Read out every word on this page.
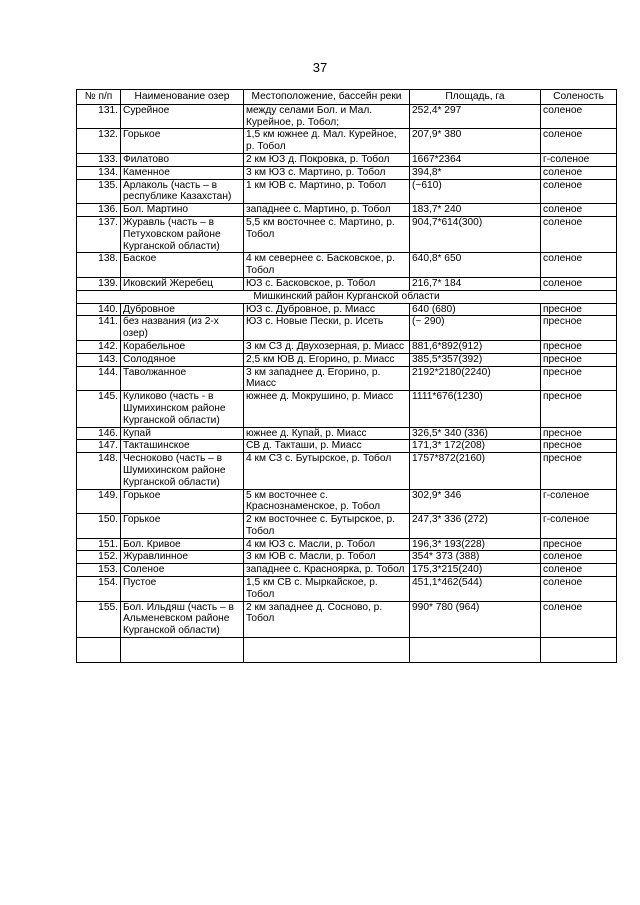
37
№ п/п	Наименование озер	Местоположение, бассейн реки	Площадь, га	Соленость
131.	Сурейное	между селами Бол. и Мал. Курейное, р. Тобол;	252,4* 297	соленое
132.	Горькое	1,5 км южнее д. Мал. Курейное, р. Тобол	207,9* 380	соленое
133.	Филатово	2 км ЮЗ д. Покровка, р. Тобол	1667*2364	г-соленое
134.	Каменное	3 км ЮЗ с. Мартино, р. Тобол	394,8*	соленое
135.	Арлаколь (часть – в республике Казахстан)	1 км ЮВ с. Мартино, р. Тобол	(~610)	соленое
136.	Бол. Мартино	западнее с. Мартино, р. Тобол	183,7* 240	соленое
137.	Журавль (часть – в Петуховском районе Курганской области)	5,5 км восточнее с. Мартино, р. Тобол	904,7*614(300)	соленое
138.	Баское	4 км севернее с. Басковское, р. Тобол	640,8* 650	соленое
139.	Иковский Жеребец	ЮЗ с. Басковское, р. Тобол	216,7* 184	соленое
Мишкинский район Курганской области				
140.	Дубровное	ЮЗ с. Дубровное, р. Миасс	640 (680)	пресное
141.	без названия (из 2-х озер)	ЮЗ с. Новые Пески, р. Исеть	(~ 290)	пресное
142.	Корабельное	3 км СЗ д. Двухозерная, р. Миасс	881,6*892(912)	пресное
143.	Солодяное	2,5 км ЮВ д. Егорино, р. Миасс	385,5*357(392)	пресное
144.	Таволжанное	3 км западнее д. Егорино, р. Миасс	2192*2180(2240)	пресное
145.	Куликово (часть - в Шумихинском районе Курганской области)	южнее д. Мокрушино, р. Миасс	1111*676(1230)	пресное
146.	Купай	южнее д. Купай, р. Миасс	326,5* 340 (336)	пресное
147.	Такташинское	СВ д. Такташи, р. Миасс	171,3* 172(208)	пресное
148.	Чесноково (часть – в Шумихинском районе Курганской области)	4 км СЗ с. Бутырское, р. Тобол	1757*872(2160)	пресное
149.	Горькое	5 км восточнее с. Краснознаменское, р. Тобол	302,9* 346	г-соленое
150.	Горькое	2 км восточнее с. Бутырское, р. Тобол	247,3* 336 (272)	г-соленое
151.	Бол. Кривое	4 км ЮЗ с. Масли, р. Тобол	196,3* 193(228)	пресное
152.	Журавлинное	3 км ЮВ с. Масли, р. Тобол	354* 373 (388)	соленое
153.	Соленое	западнее с. Красноярка, р. Тобол	175,3*215(240)	соленое
154.	Пустое	1,5 км СВ с. Мыркайское, р. Тобол	451,1*462(544)	соленое
155.	Бол. Ильдяш (часть – в Альменевском районе Курганской области)	2 км западнее д. Сосново, р. Тобол	990* 780 (964)	соленое
